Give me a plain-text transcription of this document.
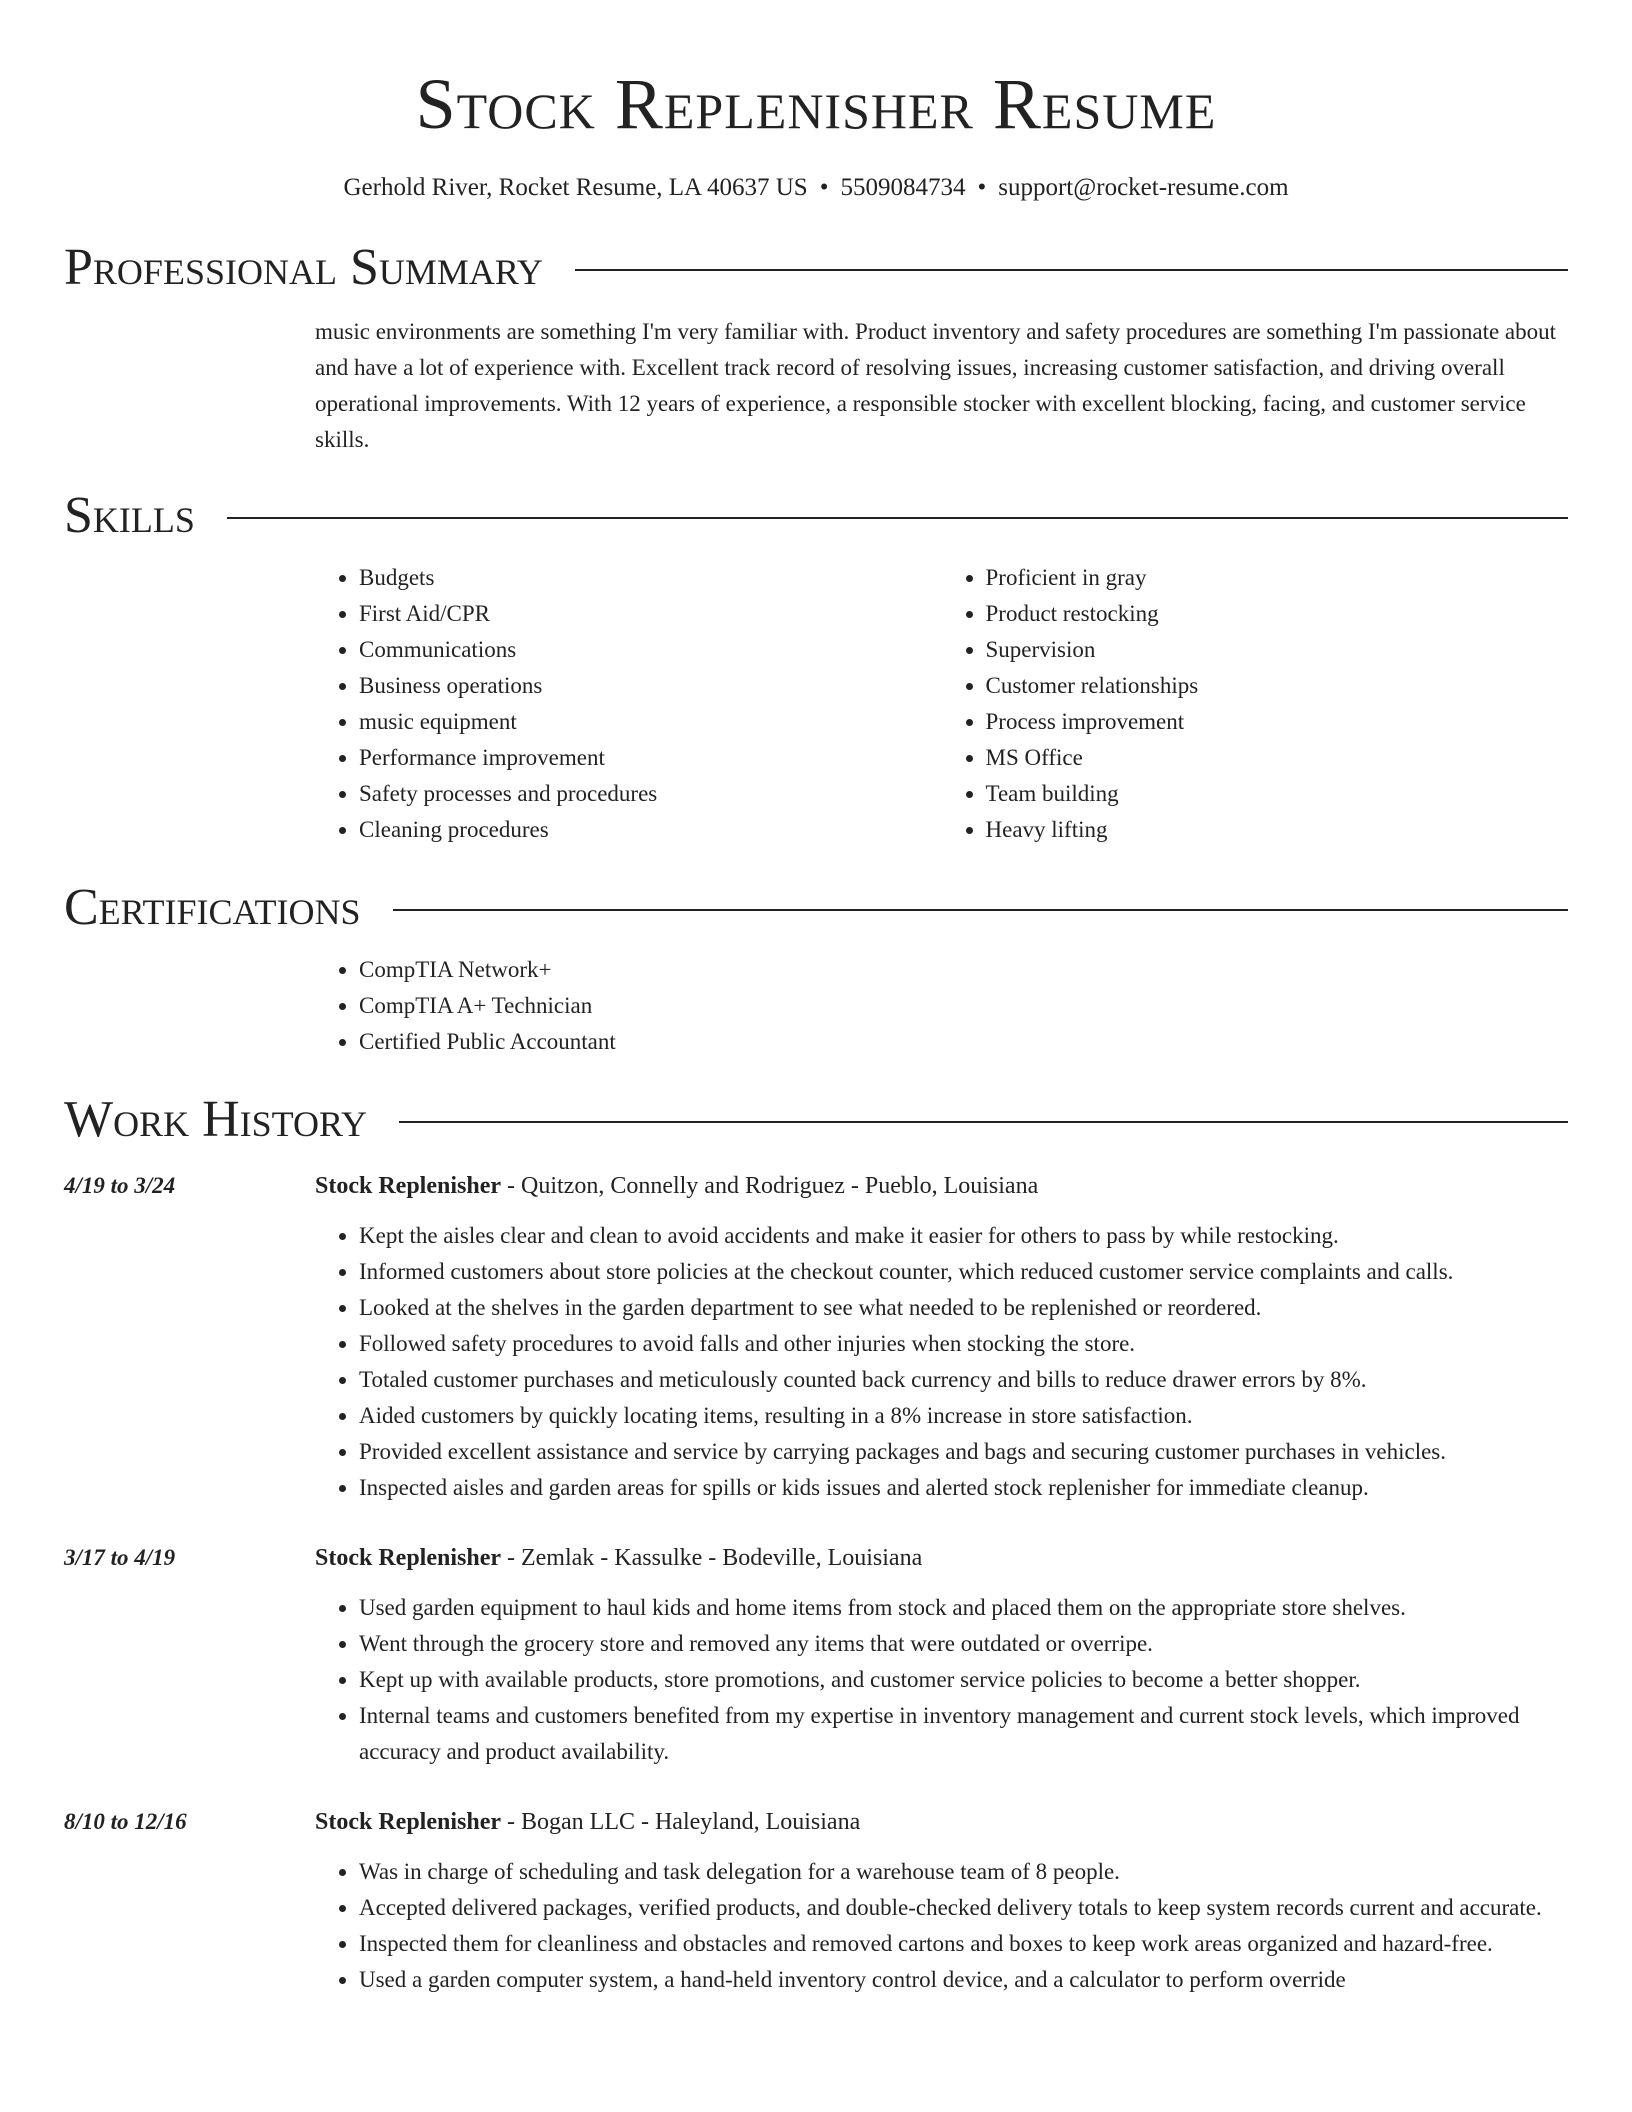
Stock Replenisher Resume
Gerhold River, Rocket Resume, LA 40637 US • 5509084734 • support@rocket-resume.com
Professional Summary
music environments are something I'm very familiar with. Product inventory and safety procedures are something I'm passionate about and have a lot of experience with. Excellent track record of resolving issues, increasing customer satisfaction, and driving overall operational improvements. With 12 years of experience, a responsible stocker with excellent blocking, facing, and customer service skills.
Skills
• Budgets
• First Aid/CPR
• Communications
• Business operations
• music equipment
• Performance improvement
• Safety processes and procedures
• Cleaning procedures
• Proficient in gray
• Product restocking
• Supervision
• Customer relationships
• Process improvement
• MS Office
• Team building
• Heavy lifting
Certifications
• CompTIA Network+
• CompTIA A+ Technician
• Certified Public Accountant
Work History
4/19 to 3/24	Stock Replenisher - Quitzon, Connelly and Rodriguez - Pueblo, Louisiana
• Kept the aisles clear and clean to avoid accidents and make it easier for others to pass by while restocking.
• Informed customers about store policies at the checkout counter, which reduced customer service complaints and calls.
• Looked at the shelves in the garden department to see what needed to be replenished or reordered.
• Followed safety procedures to avoid falls and other injuries when stocking the store.
• Totaled customer purchases and meticulously counted back currency and bills to reduce drawer errors by 8%.
• Aided customers by quickly locating items, resulting in a 8% increase in store satisfaction.
• Provided excellent assistance and service by carrying packages and bags and securing customer purchases in vehicles.
• Inspected aisles and garden areas for spills or kids issues and alerted stock replenisher for immediate cleanup.
3/17 to 4/19	Stock Replenisher - Zemlak - Kassulke - Bodeville, Louisiana
• Used garden equipment to haul kids and home items from stock and placed them on the appropriate store shelves.
• Went through the grocery store and removed any items that were outdated or overripe.
• Kept up with available products, store promotions, and customer service policies to become a better shopper.
• Internal teams and customers benefited from my expertise in inventory management and current stock levels, which improved accuracy and product availability.
8/10 to 12/16	Stock Replenisher - Bogan LLC - Haleyland, Louisiana
• Was in charge of scheduling and task delegation for a warehouse team of 8 people.
• Accepted delivered packages, verified products, and double-checked delivery totals to keep system records current and accurate.
• Inspected them for cleanliness and obstacles and removed cartons and boxes to keep work areas organized and hazard-free.
• Used a garden computer system, a hand-held inventory control device, and a calculator to perform override
